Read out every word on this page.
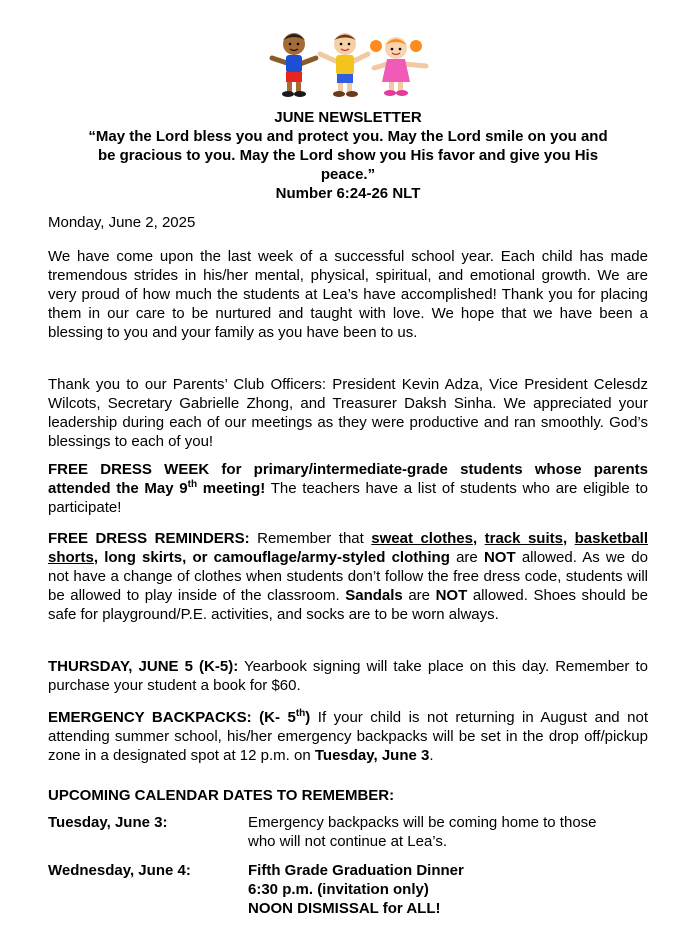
JUNE NEWSLETTER
“May the Lord bless you and protect you. May the Lord smile on you and
be gracious to you. May the Lord show you His favor and give you His
peace.”
Number 6:24-26 NLT
Monday, June 2, 2025

We have come upon the last week of a successful school year. Each child has made tremendous strides in his/her mental, physical, spiritual, and emotional growth. We are very proud of how much the students at Lea’s have accomplished! Thank you for placing them in our care to be nurtured and taught with love. We hope that we have been a blessing to you and your family as you have been to us.

Thank you to our Parents’ Club Officers: President Kevin Adza, Vice President Celesdz Wilcots, Secretary Gabrielle Zhong, and Treasurer Daksh Sinha. We appreciated your leadership during each of our meetings as they were productive and ran smoothly. God’s blessings to each of you!

FREE DRESS WEEK for primary/intermediate-grade students whose parents attended the May 9th meeting! The teachers have a list of students who are eligible to participate!

FREE DRESS REMINDERS: Remember that sweat clothes, track suits, basketball shorts, long skirts, or camouflage/army-styled clothing are NOT allowed. As we do not have a change of clothes when students don’t follow the free dress code, students will be allowed to play inside of the classroom. Sandals are NOT allowed. Shoes should be safe for playground/P.E. activities, and socks are to be worn always.

THURSDAY, JUNE 5 (K-5): Yearbook signing will take place on this day. Remember to purchase your student a book for $60.

EMERGENCY BACKPACKS: (K- 5th) If your child is not returning in August and not attending summer school, his/her emergency backpacks will be set in the drop off/pickup zone in a designated spot at 12 p.m. on Tuesday, June 3.

UPCOMING CALENDAR DATES TO REMEMBER:
Tuesday, June 3:	Emergency backpacks will be coming home to those
who will not continue at Lea’s.
Wednesday, June 4:	Fifth Grade Graduation Dinner
6:30 p.m. (invitation only)
NOON DISMISSAL for ALL!
